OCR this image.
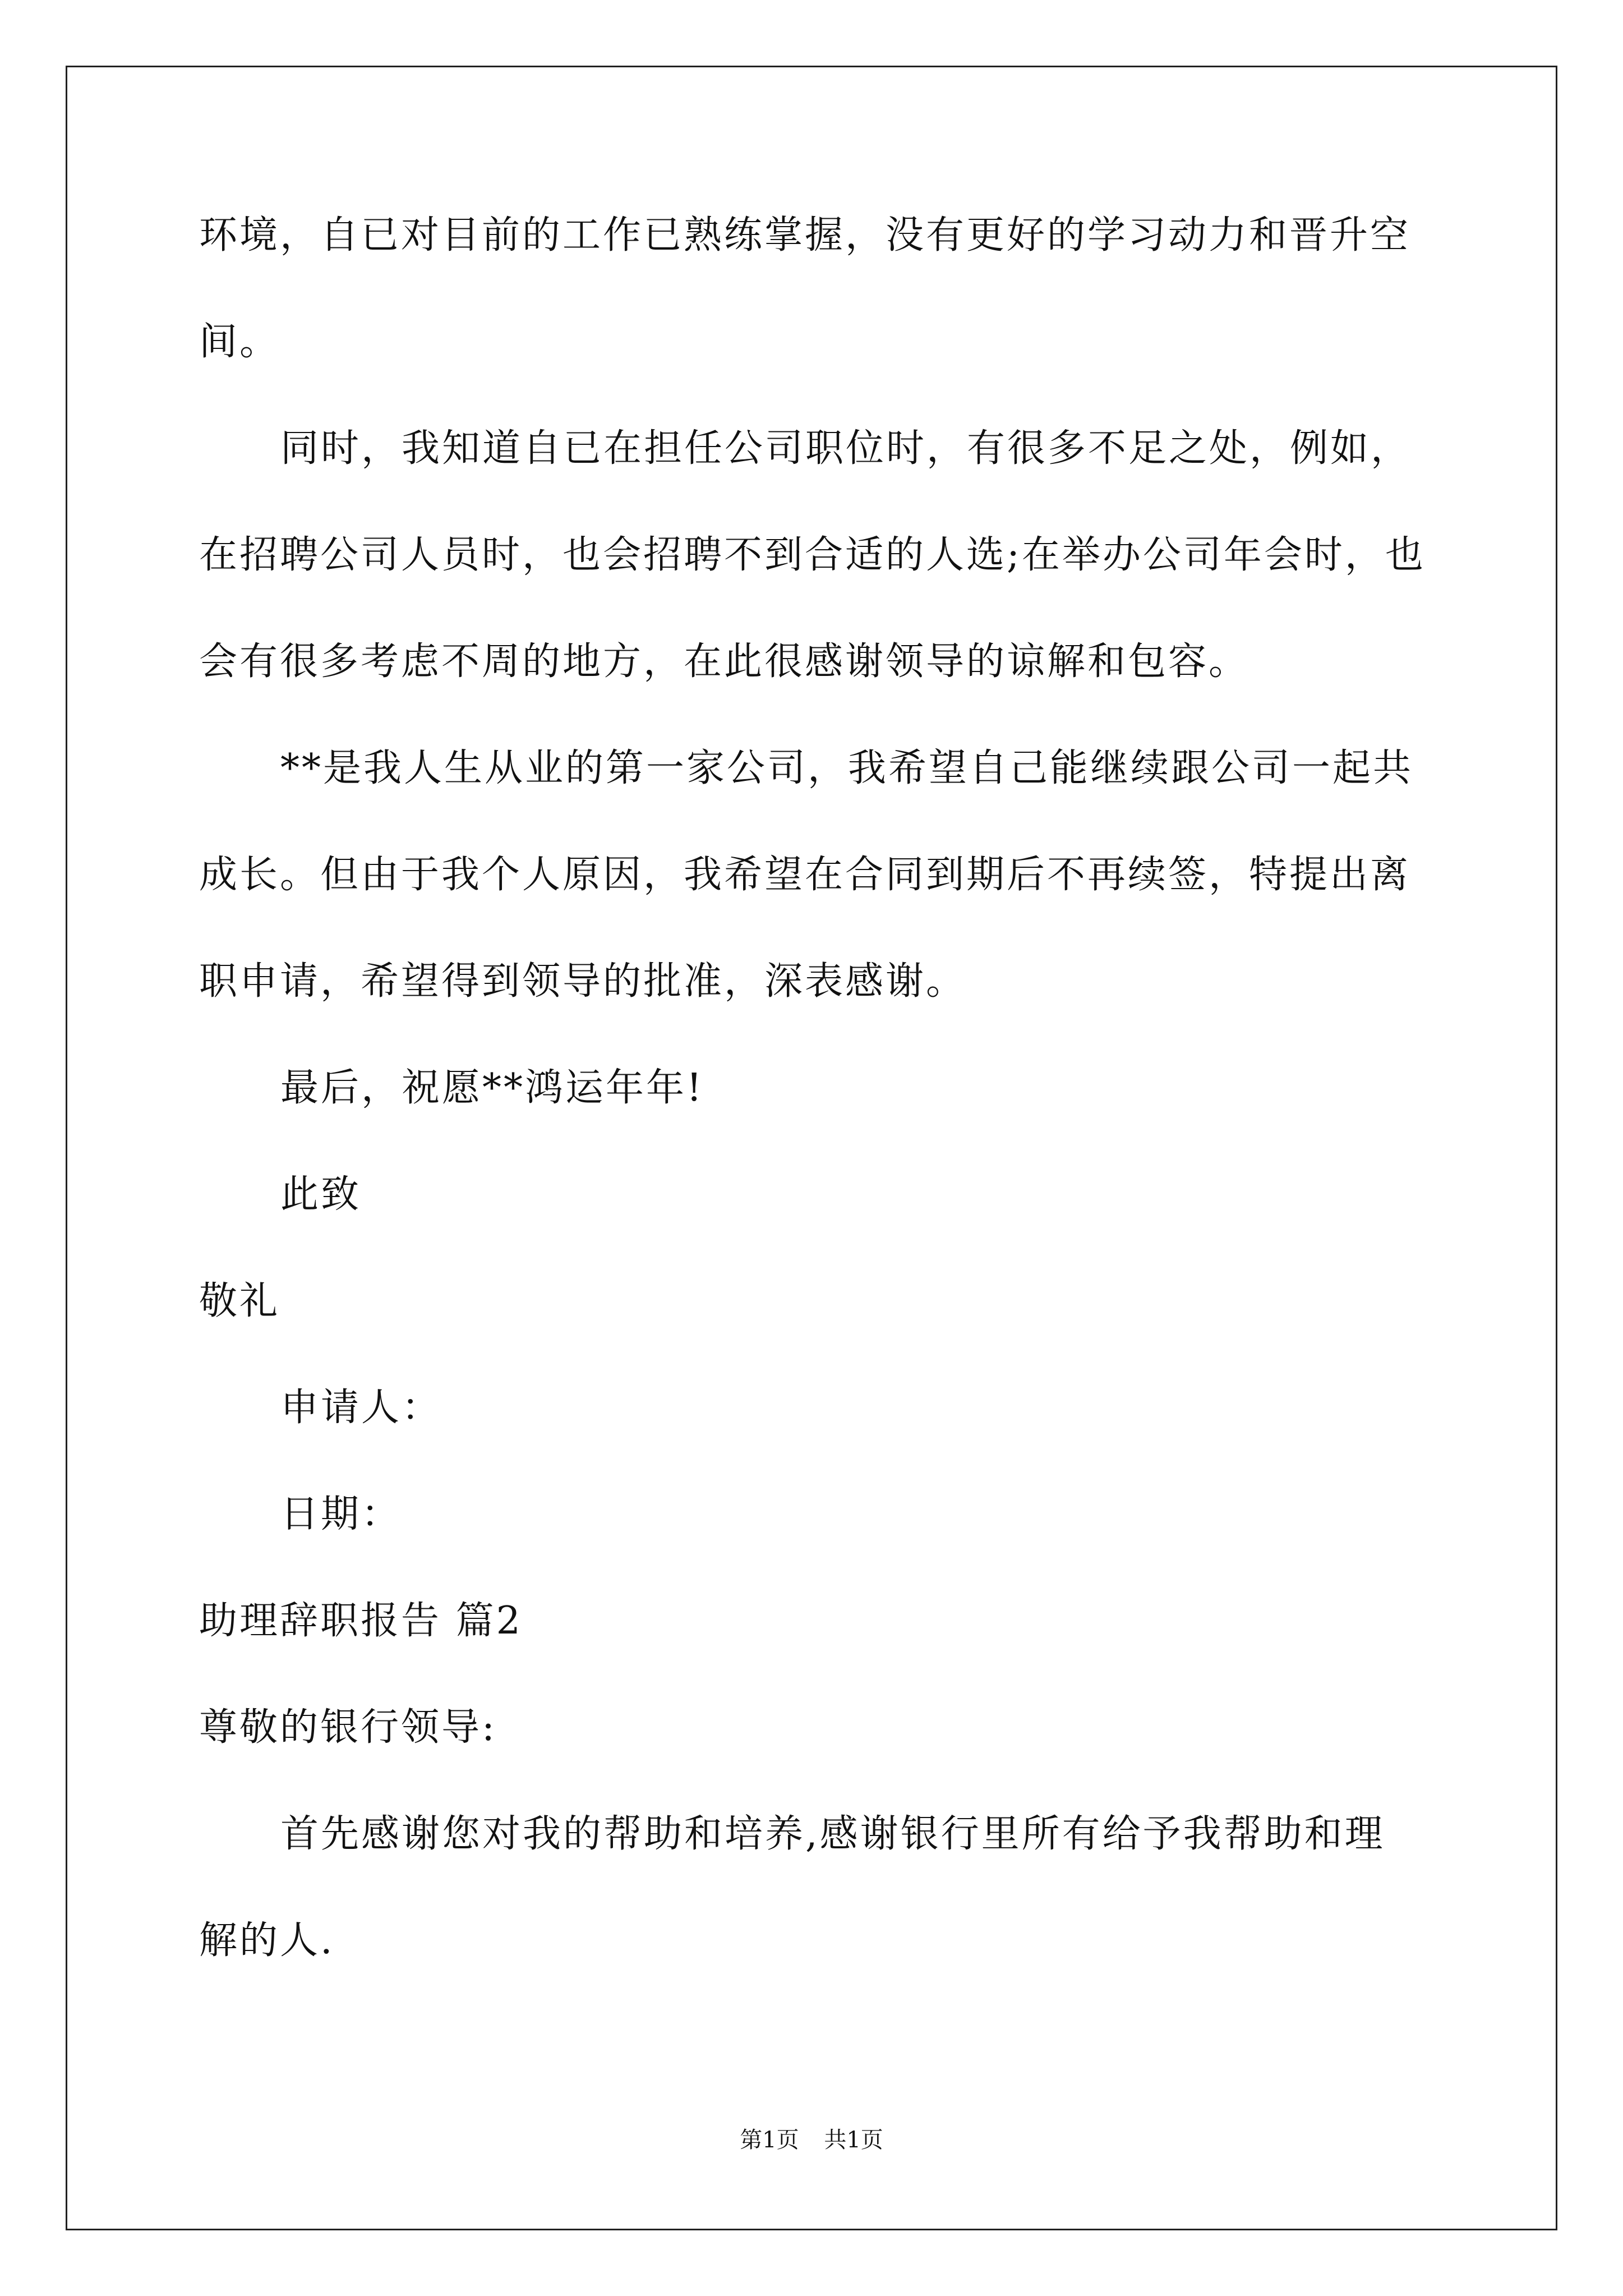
环境，自已对目前的工作已熟练掌握，没有更好的学习动力和晋升空
间。
同时，我知道自已在担任公司职位时，有很多不足之处，例如，
在招聘公司人员时，也会招聘不到合适的人选;在举办公司年会时，也
会有很多考虑不周的地方，在此很感谢领导的谅解和包容。
**是我人生从业的第一家公司，我希望自己能继续跟公司一起共
成长。但由于我个人原因，我希望在合同到期后不再续签，特提出离
职申请，希望得到领导的批准，深表感谢。
最后，祝愿**鸿运年年!
此致
敬礼
申请人：
日期：
助理辞职报告 篇2
尊敬的银行领导:
首先感谢您对我的帮助和培养,感谢银行里所有给予我帮助和理
解的人.
第1页 共1页
